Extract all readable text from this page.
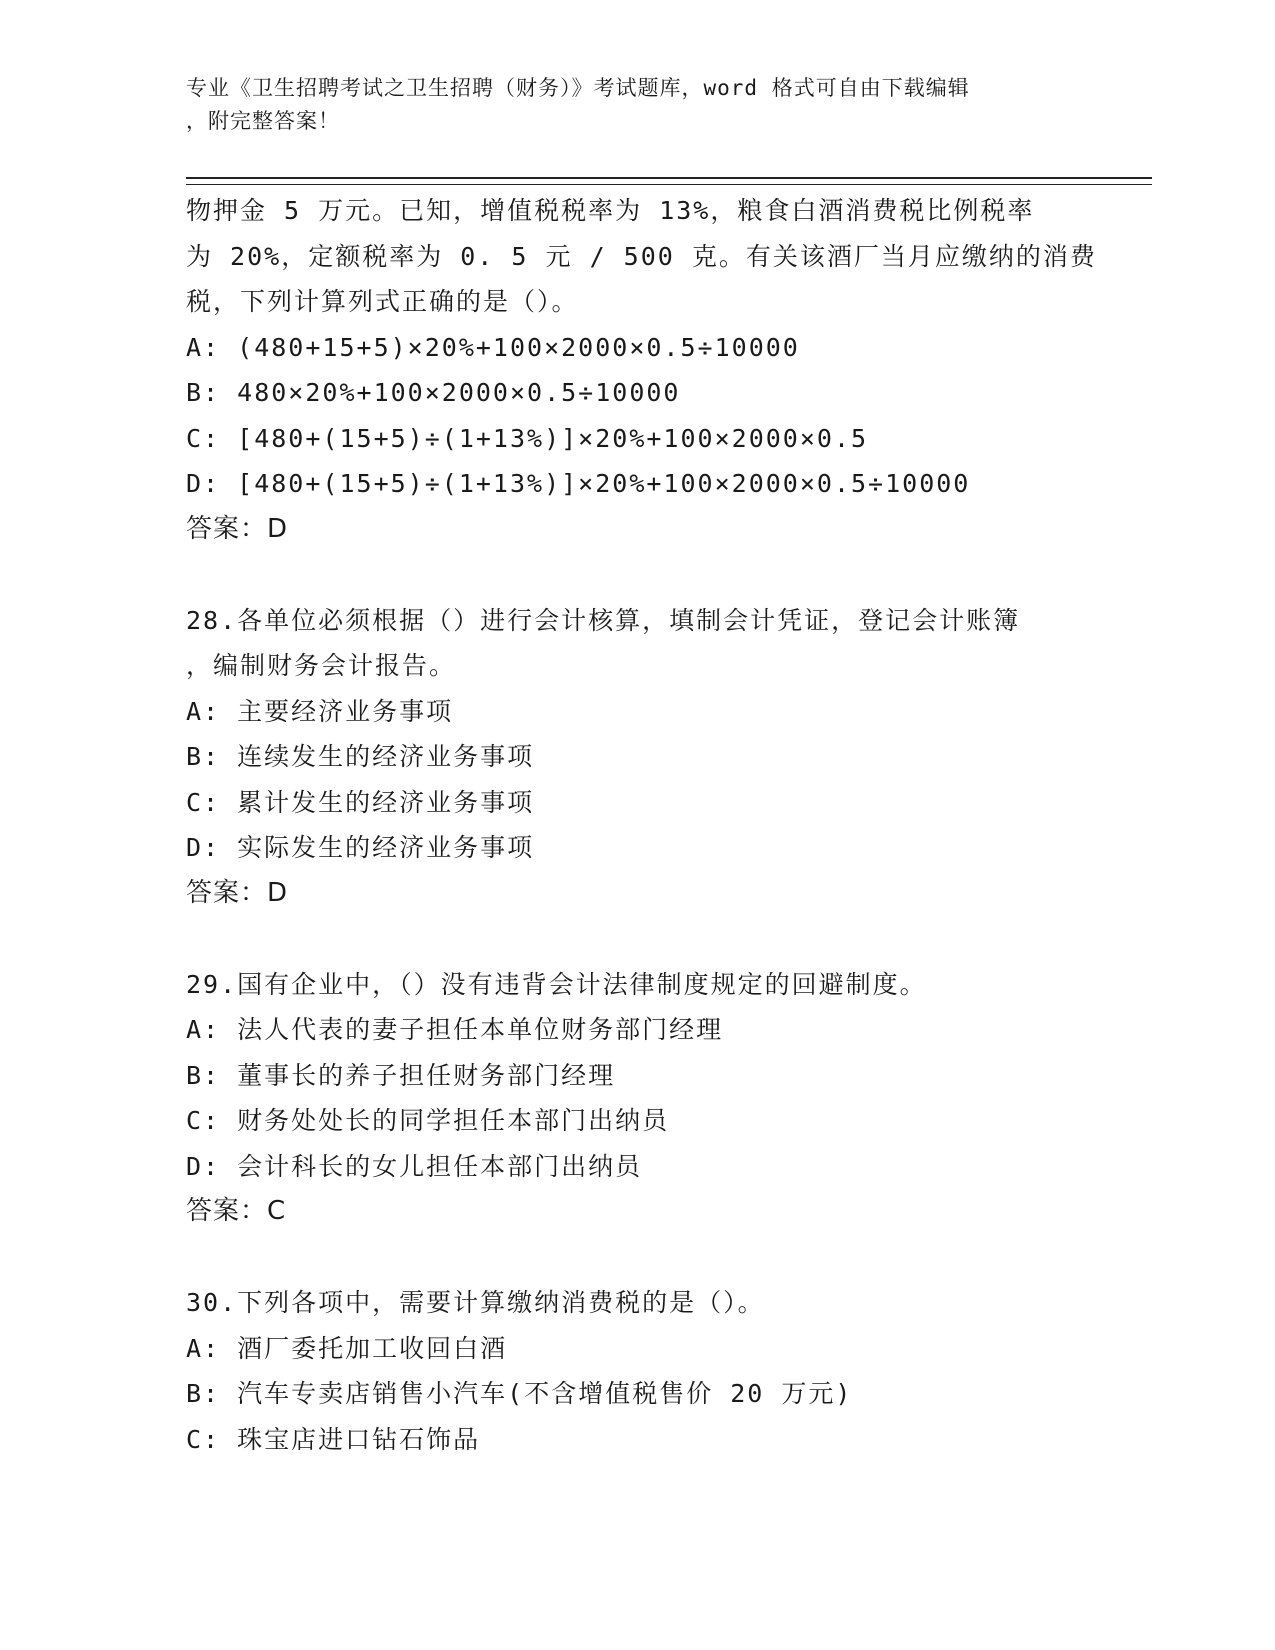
专业《卫生招聘考试之卫生招聘（财务）》考试题库，word 格式可自由下载编辑
，附完整答案！
物押金 5 万元。已知，增值税税率为 13%，粮食白酒消费税比例税率
为 20%，定额税率为 0. 5 元 / 500 克。有关该酒厂当月应缴纳的消费
税，下列计算列式正确的是（）。
A: (480+15+5)×20%+100×2000×0.5÷10000
B: 480×20%+100×2000×0.5÷10000
C: [480+(15+5)÷(1+13%)]×20%+100×2000×0.5
D: [480+(15+5)÷(1+13%)]×20%+100×2000×0.5÷10000
答案：D
28.各单位必须根据（）进行会计核算，填制会计凭证，登记会计账簿
，编制财务会计报告。
A: 主要经济业务事项
B: 连续发生的经济业务事项
C: 累计发生的经济业务事项
D: 实际发生的经济业务事项
答案：D
29.国有企业中，（）没有违背会计法律制度规定的回避制度。
A: 法人代表的妻子担任本单位财务部门经理
B: 董事长的养子担任财务部门经理
C: 财务处处长的同学担任本部门出纳员
D: 会计科长的女儿担任本部门出纳员
答案：C
30.下列各项中，需要计算缴纳消费税的是（）。
A: 酒厂委托加工收回白酒
B: 汽车专卖店销售小汽车(不含增值税售价 20 万元)
C: 珠宝店进口钻石饰品
